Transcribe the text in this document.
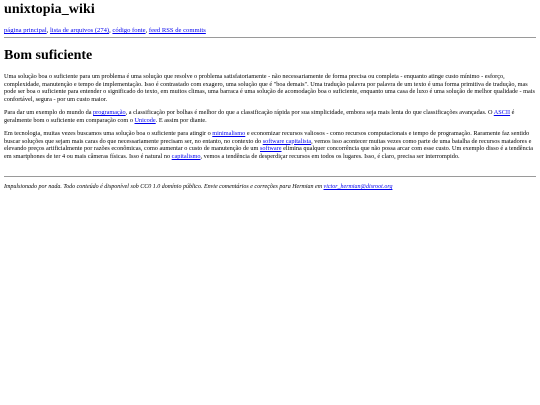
unixtopia_wiki
página principal, lista de arquivos (274), código fonte, feed RSS de commits
Bom suficiente

Uma solução boa o suficiente para um problema é uma solução que resolve o problema satisfatoriamente - não necessariamente de forma precisa ou completa - enquanto atinge custo mínimo - esforço, complexidade, manutenção e tempo de implementação. Isso é contrastado com exagero, uma solução que é "boa demais". Uma tradução palavra por palavra de um texto é uma forma primitiva de tradução, mas pode ser boa o suficiente para entender o significado do texto, em muitos climas, uma barraca é uma solução de acomodação boa o suficiente, enquanto uma casa de luxo é uma solução de melhor qualidade - mais confortável, segura - por um custo maior.

Para dar um exemplo do mundo da programação, a classificação por bolhas é melhor do que a classificação rápida por sua simplicidade, embora seja mais lenta do que classificações avançadas. O ASCII é geralmente bom o suficiente em comparação com o Unicode. E assim por diante.

Em tecnologia, muitas vezes buscamos uma solução boa o suficiente para atingir o minimalismo e economizar recursos valiosos - como recursos computacionais e tempo de programação. Raramente faz sentido buscar soluções que sejam mais caras do que necessariamente precisam ser, no entanto, no contexto do software capitalista, vemos isso acontecer muitas vezes como parte de uma batalha de recursos matadores e elevando preços artificialmente por razões econômicas, como aumentar o custo de manutenção de um software elimina qualquer concorrência que não possa arcar com esse custo. Um exemplo disso é a tendência em smartphones de ter 4 ou mais câmeras físicas. Isso é natural no capitalismo, vemos a tendência de desperdiçar recursos em todos os lugares. Isso, é claro, precisa ser interrompido.

Impulsionado por nada. Todo conteúdo é disponível sob CC0 1.0 domínio público. Envie comentários e correções para Hermian em victor_hermian@disroot.org
